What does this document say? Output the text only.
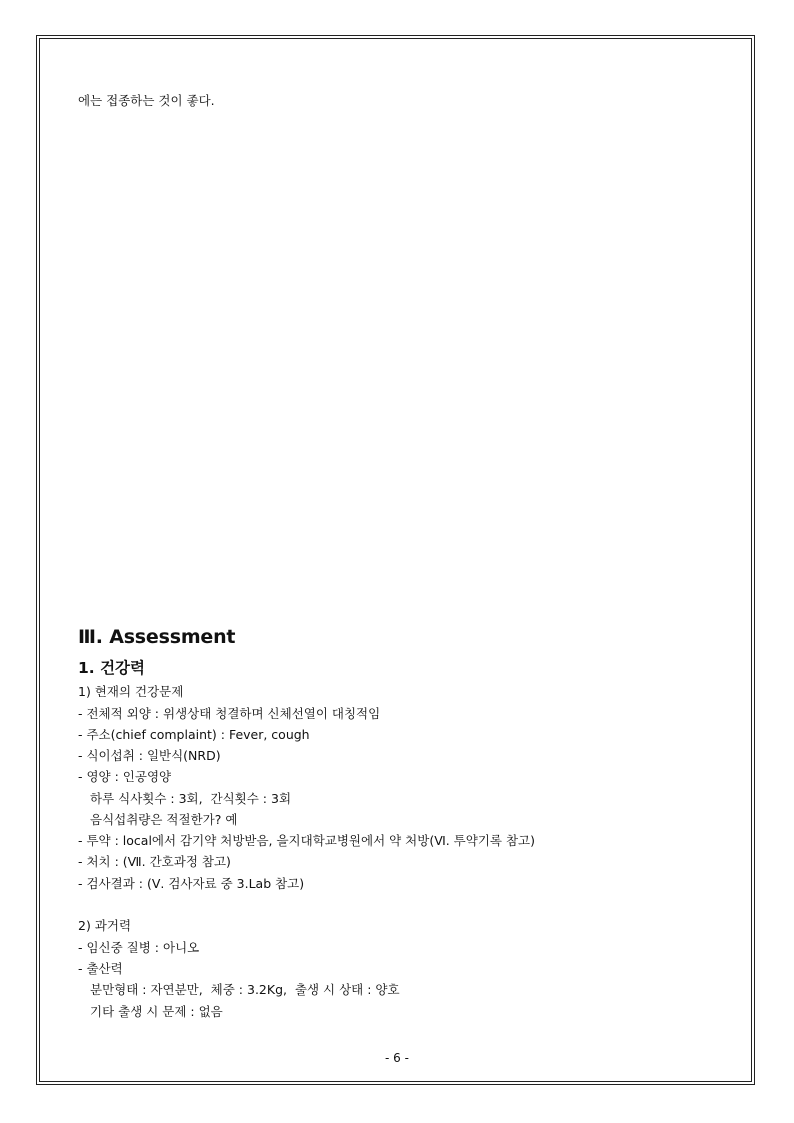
에는 접종하는 것이 좋다.
Ⅲ. Assessment
1. 건강력
1) 현재의 건강문제
- 전체적 외양 : 위생상태 청결하며 신체선열이 대칭적임
- 주소(chief complaint) : Fever, cough
- 식이섭취 : 일반식(NRD)
- 영양 : 인공영양
하루 식사횟수 : 3회,  간식횟수 : 3회
음식섭취량은 적절한가? 예
- 투약 : local에서 감기약 처방받음, 을지대학교병원에서 약 처방(Ⅵ. 투약기록 참고)
- 처치 : (Ⅶ. 간호과정 참고)
- 검사결과 : (Ⅴ. 검사자료 중 3.Lab 참고)
2) 과거력
- 임신중 질병 : 아니오
- 출산력
분만형태 : 자연분만,  체중 : 3.2Kg,  출생 시 상태 : 양호
기타 출생 시 문제 : 없음
- 6 -
